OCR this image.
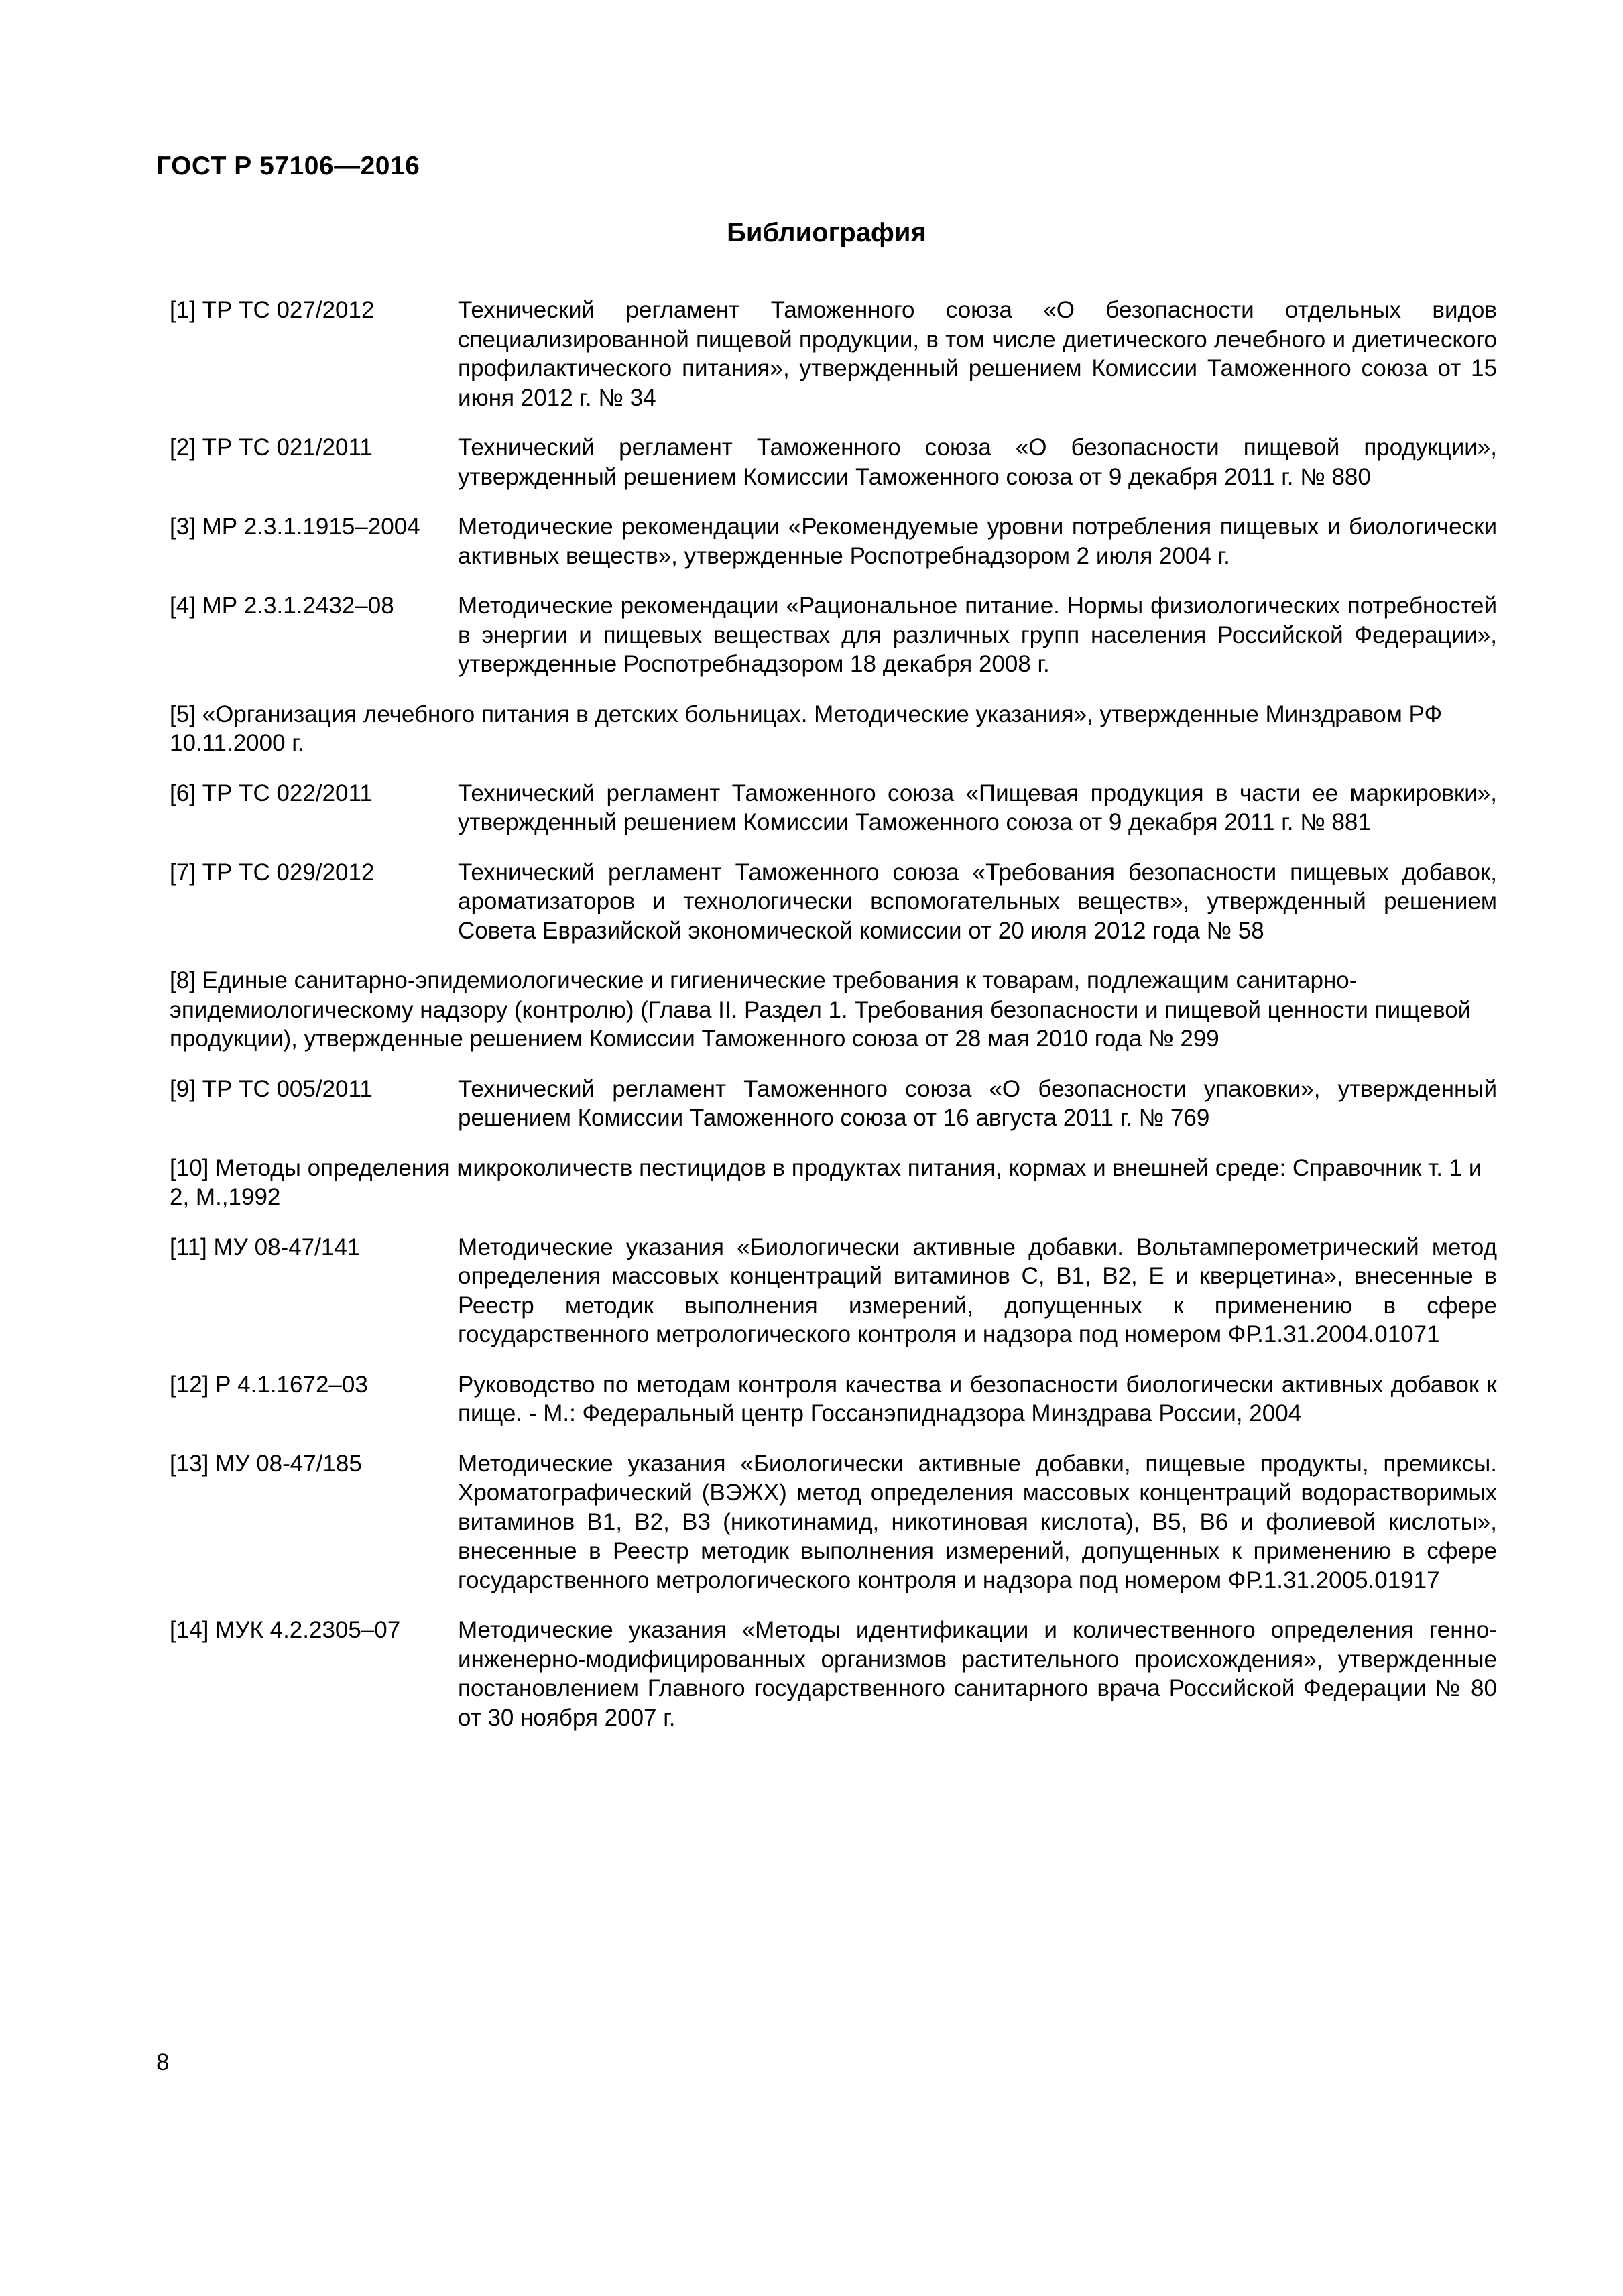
ГОСТ Р 57106—2016
Библиография
[1] ТР ТС 027/2012	Технический регламент Таможенного союза «О безопасности отдельных видов специализированной пищевой продукции, в том числе диетического лечебного и диетического профилактического питания», утвержденный решением Комиссии Таможенного союза от 15 июня 2012 г. № 34
[2] ТР ТС 021/2011	Технический регламент Таможенного союза «О безопасности пищевой продукции», утвержденный решением Комиссии Таможенного союза от 9 декабря 2011 г. № 880
[3] МР 2.3.1.1915–2004	Методические рекомендации «Рекомендуемые уровни потребления пищевых и биологически активных веществ», утвержденные Роспотребнадзором 2 июля 2004 г.
[4] МР 2.3.1.2432–08	Методические рекомендации «Рациональное питание. Нормы физиологических потребностей в энергии и пищевых веществах для различных групп населения Российской Федерации», утвержденные Роспотребнадзором 18 декабря 2008 г.
[5] «Организация лечебного питания в детских больницах. Методические указания», утвержденные Минздравом РФ 10.11.2000 г.
[6] ТР ТС 022/2011	Технический регламент Таможенного союза «Пищевая продукция в части ее маркировки», утвержденный решением Комиссии Таможенного союза от 9 декабря 2011 г. № 881
[7] ТР ТС 029/2012	Технический регламент Таможенного союза «Требования безопасности пищевых добавок, ароматизаторов и технологически вспомогательных веществ», утвержденный решением Совета Евразийской экономической комиссии от 20 июля 2012 года № 58
[8] Единые санитарно-эпидемиологические и гигиенические требования к товарам, подлежащим санитарно-эпидемиологическому надзору (контролю) (Глава II. Раздел 1. Требования безопасности и пищевой ценности пищевой продукции), утвержденные решением Комиссии Таможенного союза от 28 мая 2010 года № 299
[9] ТР ТС 005/2011	Технический регламент Таможенного союза «О безопасности упаковки», утвержденный решением Комиссии Таможенного союза от 16 августа 2011 г. № 769
[10] Методы определения микроколичеств пестицидов в продуктах питания, кормах и внешней среде: Справочник т. 1 и 2, М.,1992
[11] МУ 08-47/141	Методические указания «Биологически активные добавки. Вольтамперометрический метод определения массовых концентраций витаминов С, В1, В2, Е и кверцетина», внесенные в Реестр методик выполнения измерений, допущенных к применению в сфере государственного метрологического контроля и надзора под номером ФР.1.31.2004.01071
[12] Р 4.1.1672–03	Руководство по методам контроля качества и безопасности биологически активных добавок к пище. - М.: Федеральный центр Госсанэпиднадзора Минздрава России, 2004
[13] МУ 08-47/185	Методические указания «Биологически активные добавки, пищевые продукты, премиксы. Хроматографический (ВЭЖХ) метод определения массовых концентраций водорастворимых витаминов В1, В2, В3 (никотинамид, никотиновая кислота), В5, В6 и фолиевой кислоты», внесенные в Реестр методик выполнения измерений, допущенных к применению в сфере государственного метрологического контроля и надзора под номером ФР.1.31.2005.01917
[14] МУК 4.2.2305–07	Методические указания «Методы идентификации и количественного определения генно-инженерно-модифицированных организмов растительного происхождения», утвержденные постановлением Главного государственного санитарного врача Российской Федерации № 80 от 30 ноября 2007 г.
8
